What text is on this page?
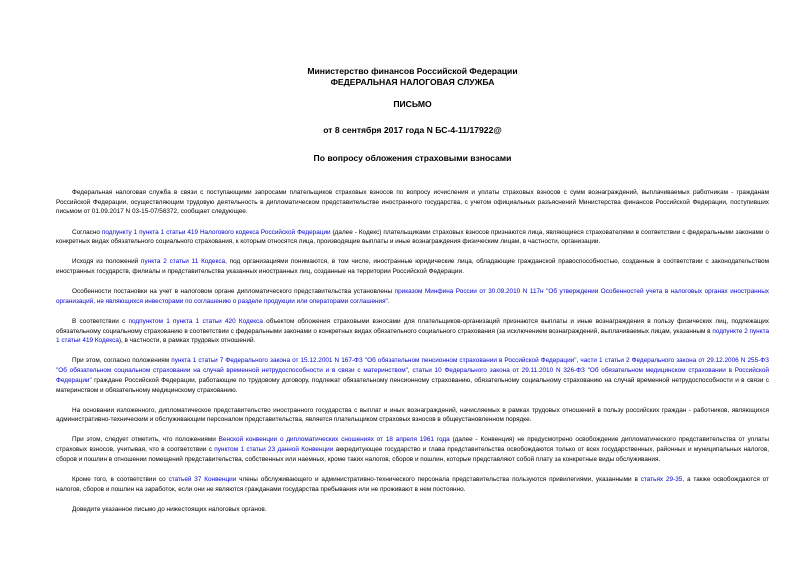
Министерство финансов Российской Федерации
ФЕДЕРАЛЬНАЯ НАЛОГОВАЯ СЛУЖБА
ПИСЬМО
от 8 сентября 2017 года N БС-4-11/17922@
По вопросу обложения страховыми взносами

Федеральная налоговая служба в связи с поступающими запросами плательщиков страховых взносов по вопросу исчисления и уплаты страховых взносов с сумм вознаграждений, выплачиваемых работникам - гражданам Российской Федерации, осуществляющим трудовую деятельность в дипломатическом представительстве иностранного государства, с учетом официальных разъяснений Министерства финансов Российской Федерации, поступивших письмом от 01.09.2017 N 03-15-07/56372, сообщает следующее.

Согласно подпункту 1 пункта 1 статьи 419 Налогового кодекса Российской Федерации (далее - Кодекс) плательщиками страховых взносов признаются лица, являющиеся страхователями в соответствии с федеральными законами о конкретных видах обязательного социального страхования, к которым относятся лица, производящие выплаты и иные вознаграждения физическим лицам, в частности, организации.

Исходя из положений пункта 2 статьи 11 Кодекса, под организациями понимаются, в том числе, иностранные юридические лица, обладающие гражданской правоспособностью, созданные в соответствии с законодательством иностранных государств, филиалы и представительства указанных иностранных лиц, созданные на территории Российской Федерации.

Особенности постановки на учет в налоговом органе дипломатического представительства установлены приказом Минфина России от 30.09.2010 N 117н "Об утверждении Особенностей учета в налоговых органах иностранных организаций, не являющихся инвесторами по соглашению о разделе продукции или операторами соглашения".

В соответствии с подпунктом 1 пункта 1 статьи 420 Кодекса объектом обложения страховыми взносами для плательщиков-организаций признаются выплаты и иные вознаграждения в пользу физических лиц, подлежащих обязательному социальному страхованию в соответствии с федеральными законами о конкретных видах обязательного социального страхования (за исключением вознаграждений, выплачиваемых лицам, указанным в подпункте 2 пункта 1 статьи 419 Кодекса), в частности, в рамках трудовых отношений.

При этом, согласно положениям пункта 1 статьи 7 Федерального закона от 15.12.2001 N 167-ФЗ "Об обязательном пенсионном страховании в Российской Федерации", части 1 статьи 2 Федерального закона от 29.12.2006 N 255-ФЗ "Об обязательном социальном страховании на случай временной нетрудоспособности и в связи с материнством", статьи 10 Федерального закона от 29.11.2010 N 326-ФЗ "Об обязательном медицинском страховании в Российской Федерации" граждане Российской Федерации, работающие по трудовому договору, подлежат обязательному пенсионному страхованию, обязательному социальному страхованию на случай временной нетрудоспособности и в связи с материнством и обязательному медицинскому страхованию.

На основании изложенного, дипломатическое представительство иностранного государства с выплат и иных вознаграждений, начисляемых в рамках трудовых отношений в пользу российских граждан - работников, являющихся административно-техническим и обслуживающим персоналом представительства, является плательщиком страховых взносов в общеустановленном порядке.

При этом, следует отметить, что положениями Венской конвенции о дипломатических сношениях от 18 апреля 1961 года (далее - Конвенция) не предусмотрено освобождение дипломатического представительства от уплаты страховых взносов, учитывая, что в соответствии с пунктом 1 статьи 23 данной Конвенции аккредитующее государство и глава представительства освобождаются только от всех государственных, районных и муниципальных налогов, сборов и пошлин в отношении помещений представительства, собственных или наемных, кроме таких налогов, сборов и пошлин, которые представляют собой плату за конкретные виды обслуживания.

Кроме того, в соответствии со статьей 37 Конвенции члены обслуживающего и административно-технического персонала представительства пользуются привилегиями, указанными в статьях 29-35, а также освобождаются от налогов, сборов и пошлин на заработок, если они не являются гражданами государства пребывания или не проживают в нем постоянно.

Доведите указанное письмо до нижестоящих налоговых органов.
